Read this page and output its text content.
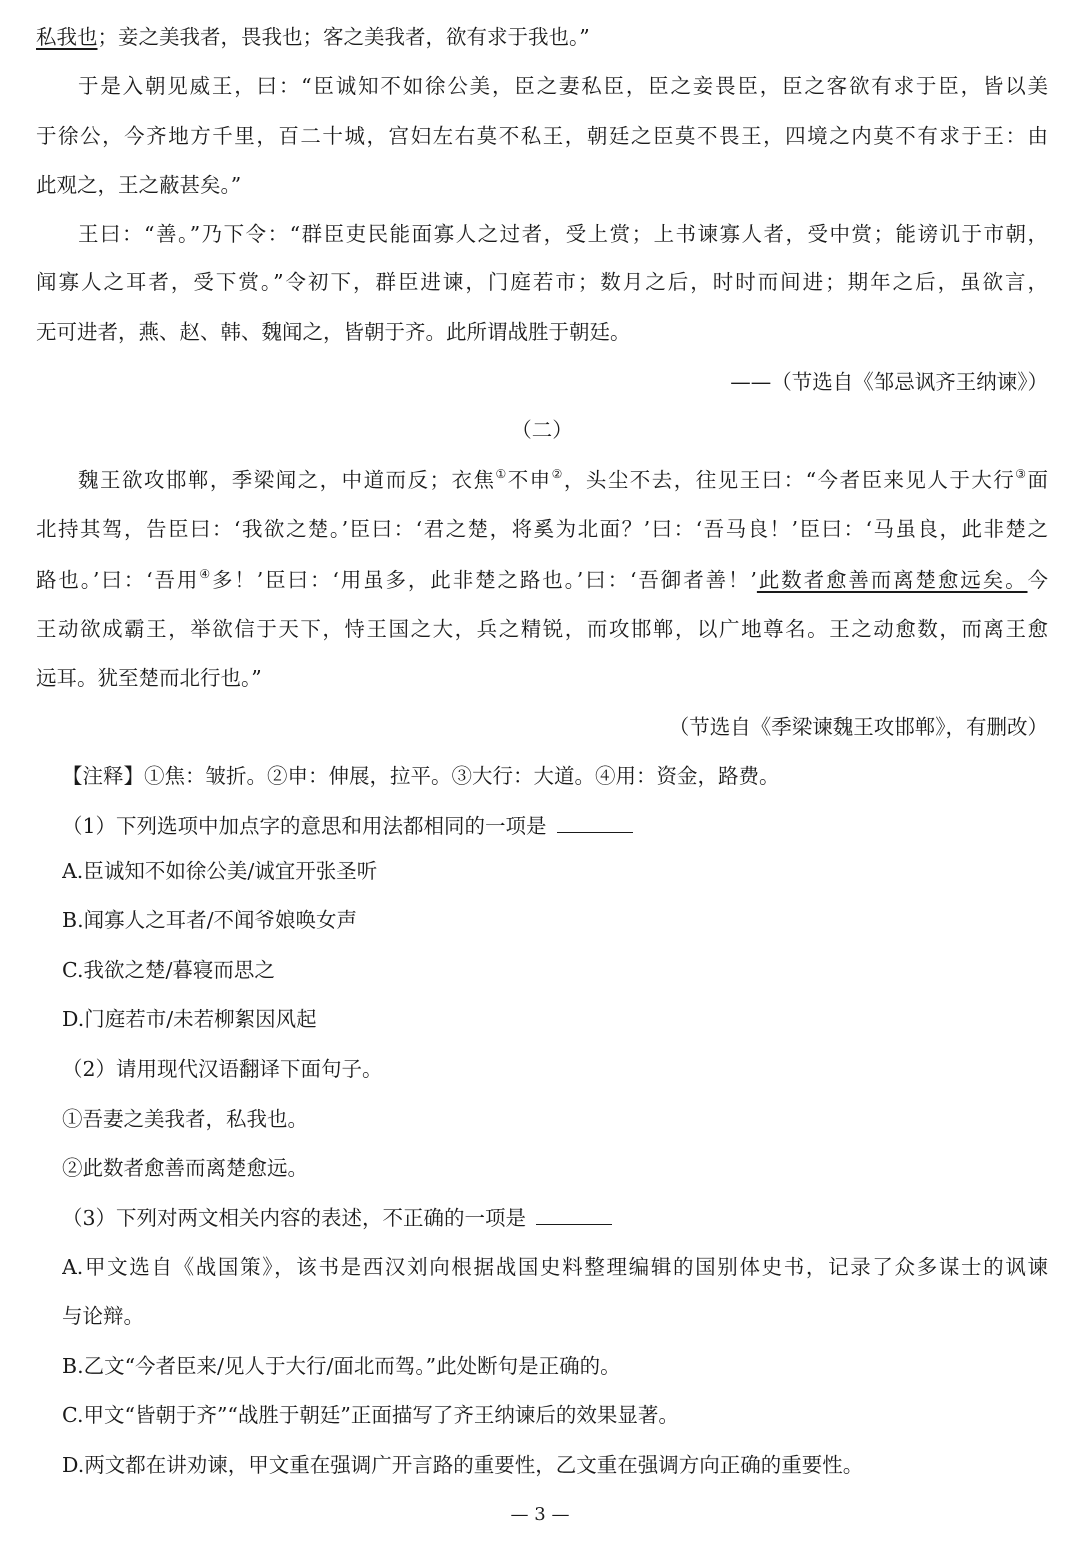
私我也；妾之美我者，畏我也；客之美我者，欲有求于我也。”
于是入朝见威王，曰：“臣诚知不如徐公美，臣之妻私臣，臣之妾畏臣，臣之客欲有求于臣，皆以美
于徐公，今齐地方千里，百二十城，宫妇左右莫不私王，朝廷之臣莫不畏王，四境之内莫不有求于王：由
此观之，王之蔽甚矣。”
王曰：“善。”乃下令：“群臣吏民能面寡人之过者，受上赏；上书谏寡人者，受中赏；能谤讥于市朝，
闻寡人之耳者，受下赏。”令初下，群臣进谏，门庭若市；数月之后，时时而间进；期年之后，虽欲言，
无可进者，燕、赵、韩、魏闻之，皆朝于齐。此所谓战胜于朝廷。
——（节选自《邹忌讽齐王纳谏》）
（二）
魏王欲攻邯郸，季梁闻之，中道而反；衣焦①不申②，头尘不去，往见王曰：“今者臣来见人于大行③面
北持其驾，告臣曰：‘我欲之楚。’臣曰：‘君之楚，将奚为北面？’曰：‘吾马良！’臣曰：‘马虽良，此非楚之
路也。’曰：‘吾用④多！’臣曰：‘用虽多，此非楚之路也。’曰：‘吾御者善！’此数者愈善而离楚愈远矣。今
王动欲成霸王，举欲信于天下，恃王国之大，兵之精锐，而攻邯郸，以广地尊名。王之动愈数，而离王愈
远耳。犹至楚而北行也。”
（节选自《季梁谏魏王攻邯郸》，有删改）
【注释】①焦：皱折。②申：伸展，拉平。③大行：大道。④用：资金，路费。
（1）下列选项中加点字的意思和用法都相同的一项是
A.臣诚知不如徐公美/诚宜开张圣听
B.闻寡人之耳者/不闻爷娘唤女声
C.我欲之楚/暮寝而思之
D.门庭若市/未若柳絮因风起
（2）请用现代汉语翻译下面句子。
①吾妻之美我者，私我也。
②此数者愈善而离楚愈远。
（3）下列对两文相关内容的表述，不正确的一项是
A.甲文选自《战国策》，该书是西汉刘向根据战国史料整理编辑的国别体史书，记录了众多谋士的讽谏
与论辩。
B.乙文“今者臣来/见人于大行/面北而驾。”此处断句是正确的。
C.甲文“皆朝于齐”“战胜于朝廷”正面描写了齐王纳谏后的效果显著。
D.两文都在讲劝谏，甲文重在强调广开言路的重要性，乙文重在强调方向正确的重要性。
— 3 —
